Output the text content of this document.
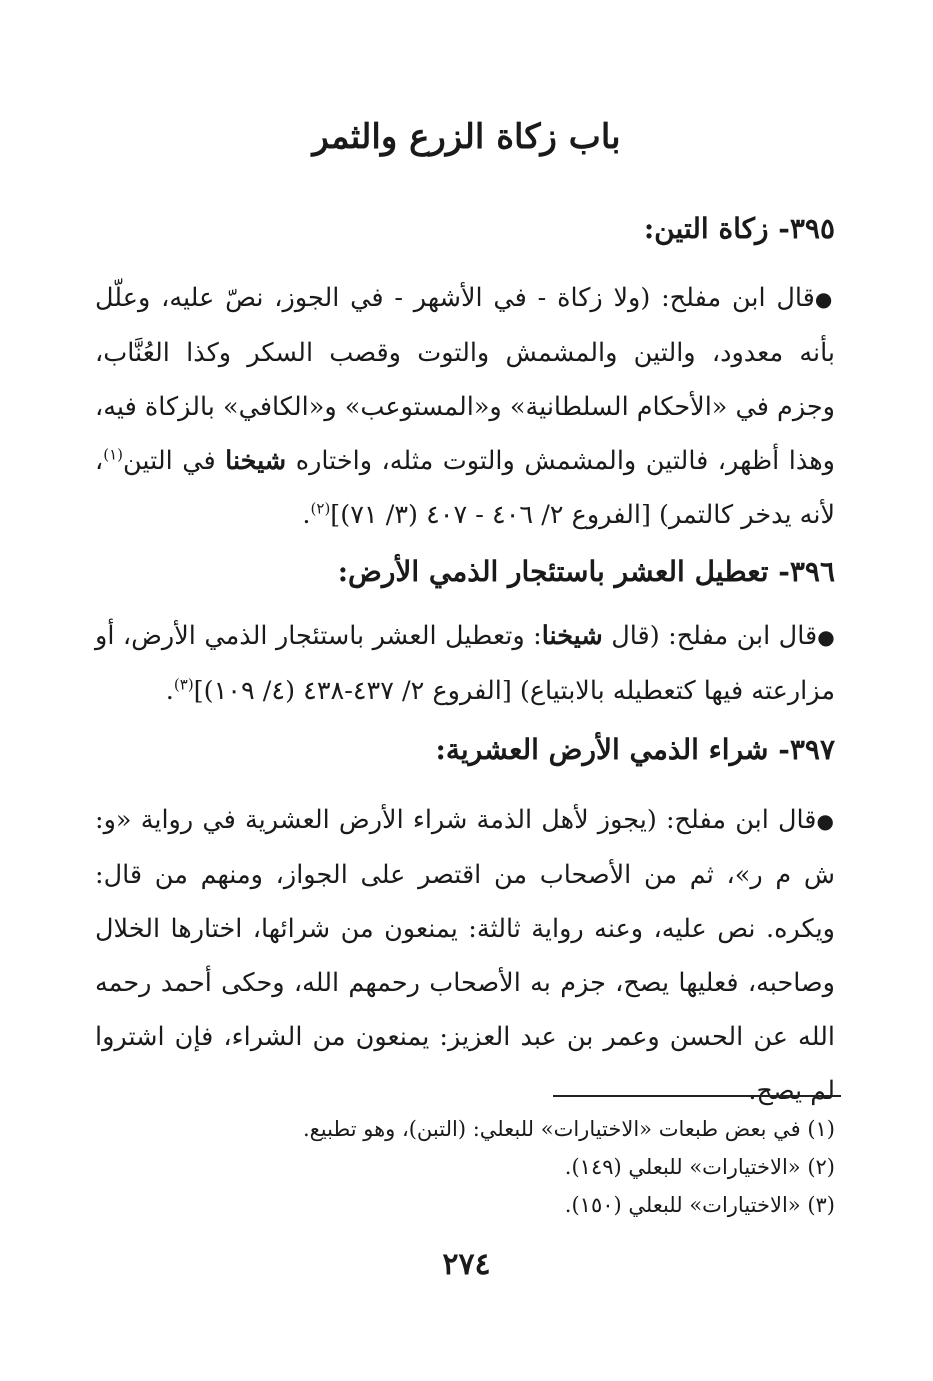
باب زكاة الزرع والثمر
٣٩٥- زكاة التين:
●قال ابن مفلح: (ولا زكاة - في الأشهر - في الجوز، نصّ عليه، وعلّل بأنه معدود، والتين والمشمش والتوت وقصب السكر وكذا العُنَّاب، وجزم في «الأحكام السلطانية» و«المستوعب» و«الكافي» بالزكاة فيه، وهذا أظهر، فالتين والمشمش والتوت مثله، واختاره شيخنا في التين$^{(١)}$، لأنه يدخر كالتمر) [الفروع ٢/ ٤٠٦ - ٤٠٧ (٣/ ٧١)]$^{(٢)}$.
٣٩٦- تعطيل العشر باستئجار الذمي الأرض:
●قال ابن مفلح: (قال شيخنا: وتعطيل العشر باستئجار الذمي الأرض، أو مزارعته فيها كتعطيله بالابتياع) [الفروع ٢/ ٤٣٧-٤٣٨ (٤/ ١٠٩)]$^{(٣)}$.
٣٩٧- شراء الذمي الأرض العشرية:
●قال ابن مفلح: (يجوز لأهل الذمة شراء الأرض العشرية في رواية «و: ش م ر»، ثم من الأصحاب من اقتصر على الجواز، ومنهم من قال: ويكره. نص عليه، وعنه رواية ثالثة: يمنعون من شرائها، اختارها الخلال وصاحبه، فعليها يصح، جزم به الأصحاب رحمهم الله، وحكى أحمد رحمه الله عن الحسن وعمر بن عبد العزيز: يمنعون من الشراء، فإن اشتروا لم يصح.
(١) في بعض طبعات «الاختيارات» للبعلي: (التبن)، وهو تطبيع.
(٢) «الاختيارات» للبعلي (١٤٩).
(٣) «الاختيارات» للبعلي (١٥٠).
٢٧٤
